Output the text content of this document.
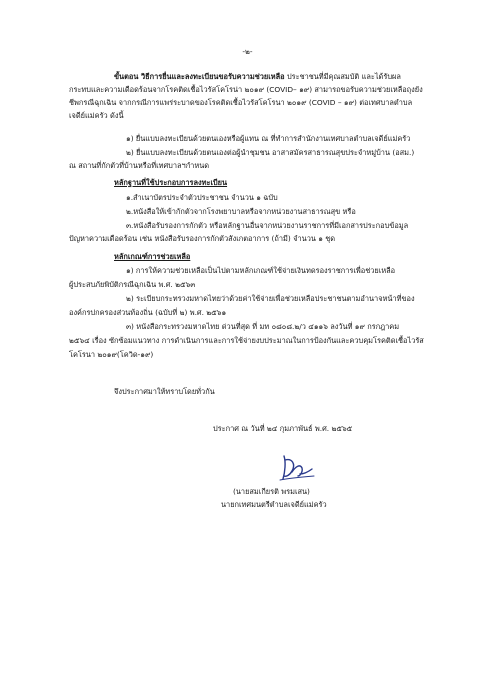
-๒-
ขั้นตอน วิธีการยื่นและลงทะเบียนขอรับความช่วยเหลือ ประชาชนที่มีคุณสมบัติ และได้รับผล
กระทบและความเดือดร้อนจากโรคติดเชื้อไวรัสโคโรน่า ๒๐๑๙ (COVID– ๑๙) สามารถขอรับความช่วยเหลือถุงยัง
ชีพกรณีฉุกเฉิน จากกรณีการแพร่ระบาดของโรคติดเชื้อไวรัสโคโรนา ๒๐๑๙ (COVID – ๑๙) ต่อเทศบาลตำบล
เจดีย์แม่ครัว ดังนี้
๑) ยื่นแบบลงทะเบียนด้วยตนเองหรือผู้แทน ณ ที่ทำการสำนักงานเทศบาลตำบลเจดีย์แม่ครัว
๒) ยื่นแบบลงทะเบียนด้วยตนเองต่อผู้นำชุมชน อาสาสมัครสาธารณสุขประจำหมู่บ้าน (อสม.)
ณ สถานที่กักตัวที่บ้านหรือที่เทศบาลฯกำหนด
หลักฐานที่ใช้ประกอบการลงทะเบียน
๑.สำเนาบัตรประจำตัวประชาชน จำนวน ๑ ฉบับ
๒.หนังสือให้เข้ากักตัวจากโรงพยาบาลหรือจากหน่วยงานสาธารณสุข หรือ
๓.หนังสือรับรองการกักตัว หรือหลักฐานอื่นจากหน่วยงานราชการที่มีเอกสารประกอบข้อมูล
ปัญหาความเดือดร้อน เช่น หนังสือรับรองการกักตัวสังเกตอาการ (ถ้ามี) จำนวน ๑ ชุด
หลักเกณฑ์การช่วยเหลือ
๑) การให้ความช่วยเหลือเป็นไปตามหลักเกณฑ์ใช้จ่ายเงินทดรองราชการเพื่อช่วยเหลือ
ผู้ประสบภัยพิบัติกรณีฉุกเฉิน พ.ศ. ๒๕๖๓
๒) ระเบียบกระทรวงมหาดไทยว่าด้วยค่าใช้จ่ายเพื่อช่วยเหลือประชาชนตามอำนาจหน้าที่ของ
องค์กรปกครองส่วนท้องถิ่น (ฉบับที่ ๒) พ.ศ. ๒๕๖๑
๓) หนังสือกระทรวงมหาดไทย ด่วนที่สุด ที่ มท ๐๘๐๘.๒/ว ๔๑๑๖ ลงวันที่ ๑๙ กรกฎาคม
๒๕๖๔ เรื่อง ซักซ้อมแนวทาง การดำเนินการและการใช้จ่ายงบประมาณในการป้องกันและควบคุมโรคติดเชื้อไวรัส
โคโรนา ๒๐๑๙(โควิด-๑๙)
จึงประกาศมาให้ทราบโดยทั่วกัน
ประกาศ ณ วันที่ ๒๔ กุมภาพันธ์ พ.ศ. ๒๕๖๕
(นายสมเกียรติ พรมเสน)
นายกเทศมนตรีตำบลเจดีย์แม่ครัว
